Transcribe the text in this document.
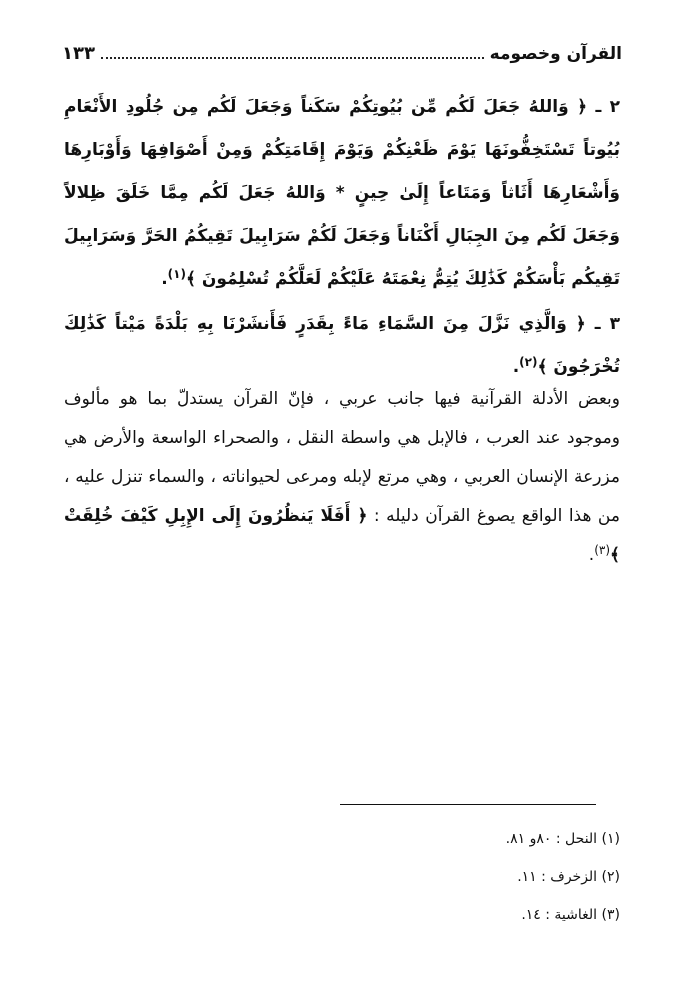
القرآن وخصومه
١٣٣
٢ ـ ﴿ وَاللهُ جَعَلَ لَكُم مِّن بُيُوتِكُمْ سَكَناً وَجَعَلَ لَكُم مِن جُلُودِ الأَنْعَامِ بُيُوتاً تَسْتَخِفُّونَهَا يَوْمَ ظَعْنِكُمْ وَيَوْمَ إِقَامَتِكُمْ وَمِنْ أَصْوَافِهَا وَأَوْبَارِهَا وَأَشْعَارِهَا أَثَاثاً وَمَتَاعاً إِلَىٰ حِينٍ * وَاللهُ جَعَلَ لَكُم مِمَّا خَلَقَ ظِلالاً وَجَعَلَ لَكُم مِنَ الجِبَالِ أَكْنَاناً وَجَعَلَ لَكُمْ سَرَابِيلَ تَقِيكُمُ الحَرَّ وَسَرَابِيلَ تَقِيكُم بَأْسَكُمْ كَذَٰلِكَ يُتِمُّ نِعْمَتَهُ عَلَيْكُمْ لَعَلَّكُمْ تُسْلِمُونَ ﴾$^{(١)}$.
٣ ـ ﴿ وَالَّذِي نَزَّلَ مِنَ السَّمَاءِ مَاءً بِقَدَرٍ فَأَنشَرْنَا بِهِ بَلْدَةً مَيْتاً كَذَٰلِكَ تُخْرَجُونَ ﴾$^{(٢)}$.
وبعض الأدلة القرآنية فيها جانب عربي ، فإنّ القرآن يستدلّ بما هو مألوف وموجود عند العرب ، فالإبل هي واسطة النقل ، والصحراء الواسعة والأرض هي مزرعة الإنسان العربي ، وهي مرتع لإبله ومرعى لحيواناته ، والسماء تنزل عليه ، من هذا الواقع يصوغ القرآن دليله : ﴿ أَفَلَا يَنظُرُونَ إِلَى الإِبِلِ كَيْفَ خُلِقَتْ ﴾$^{(٣)}$.
(١) النحل : ٨٠و ٨١.
(٢) الزخرف : ١١.
(٣) الغاشية : ١٤.
